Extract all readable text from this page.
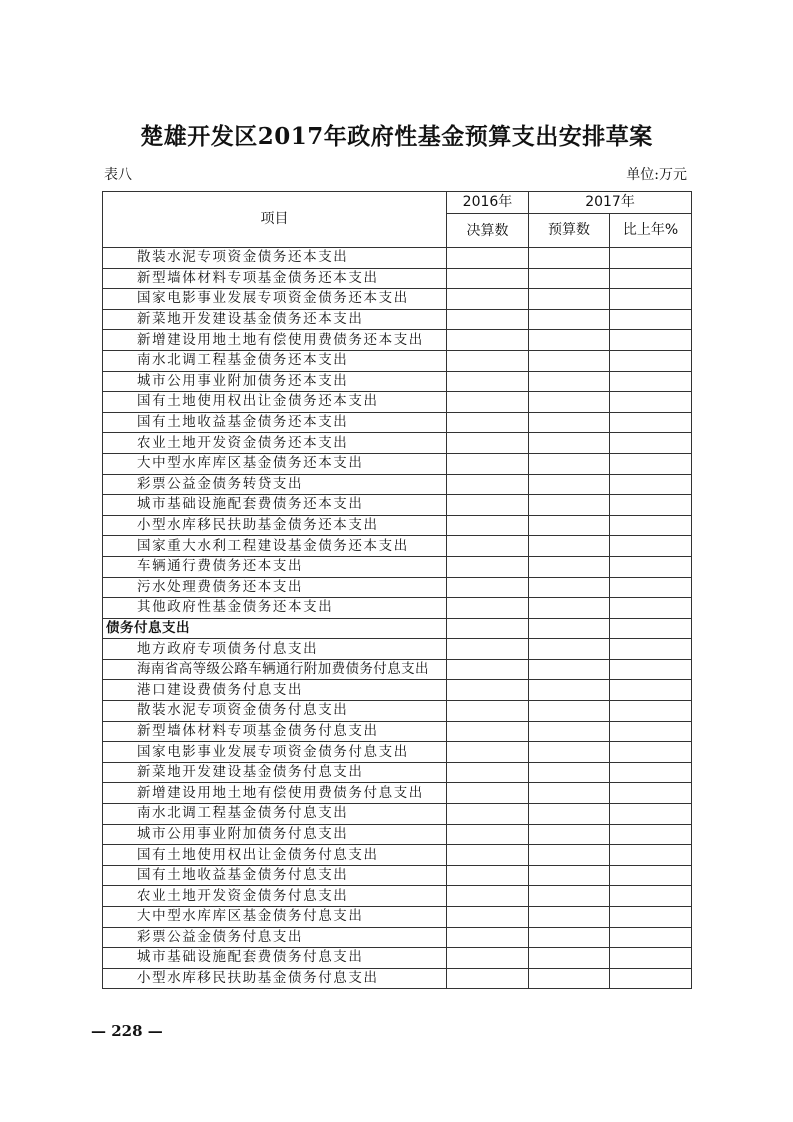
楚雄开发区2017年政府性基金预算支出安排草案
表八	单位:万元
项目	2016年	2017年	

	决算数	预算数	比上年%
散装水泥专项资金债务还本支出			
新型墙体材料专项基金债务还本支出			
国家电影事业发展专项资金债务还本支出			
新菜地开发建设基金债务还本支出			
新增建设用地土地有偿使用费债务还本支出			
南水北调工程基金债务还本支出			
城市公用事业附加债务还本支出			
国有土地使用权出让金债务还本支出			
国有土地收益基金债务还本支出			
农业土地开发资金债务还本支出			
大中型水库库区基金债务还本支出			
彩票公益金债务转贷支出			
城市基础设施配套费债务还本支出			
小型水库移民扶助基金债务还本支出			
国家重大水利工程建设基金债务还本支出			
车辆通行费债务还本支出			
污水处理费债务还本支出			
其他政府性基金债务还本支出			
债务付息支出			
地方政府专项债务付息支出			
海南省高等级公路车辆通行附加费债务付息支出			
港口建设费债务付息支出			
散装水泥专项资金债务付息支出			
新型墙体材料专项基金债务付息支出			
国家电影事业发展专项资金债务付息支出			
新菜地开发建设基金债务付息支出			
新增建设用地土地有偿使用费债务付息支出			
南水北调工程基金债务付息支出			
城市公用事业附加债务付息支出			
国有土地使用权出让金债务付息支出			
国有土地收益基金债务付息支出			
农业土地开发资金债务付息支出			
大中型水库库区基金债务付息支出			
彩票公益金债务付息支出			
城市基础设施配套费债务付息支出			
小型水库移民扶助基金债务付息支出			
— 228 —
